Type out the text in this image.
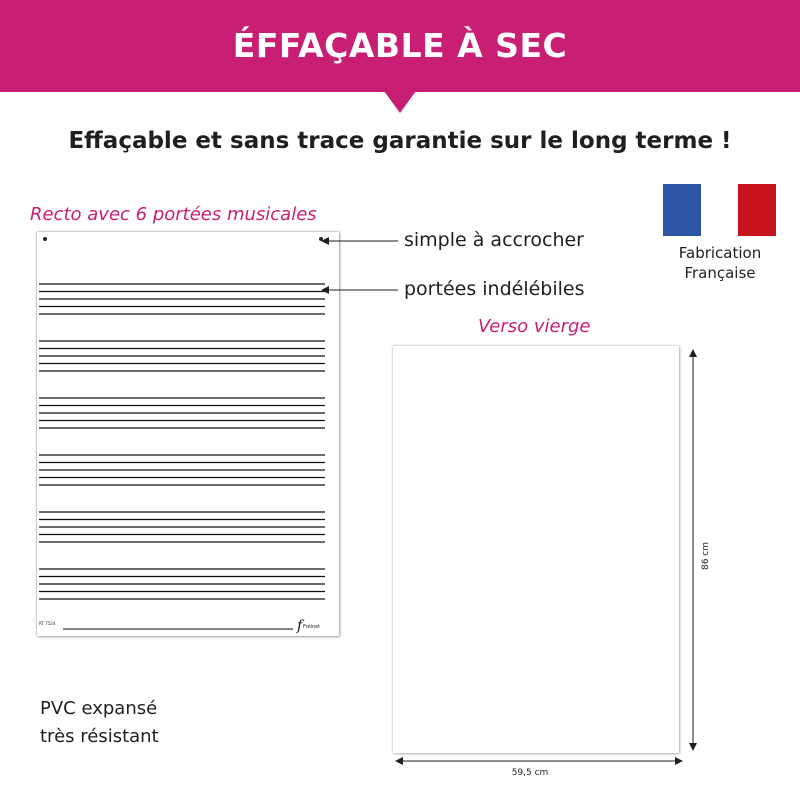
ÉFFAÇABLE À SEC
Effaçable et sans trace garantie sur le long terme !
Recto avec 6 portées musicales
Fabrication
Française
RT 7524	f Fréinet
simple à accrocher
portées indélébiles
Verso vierge
86 cm
59,5 cm
PVC expansé
très résistant
